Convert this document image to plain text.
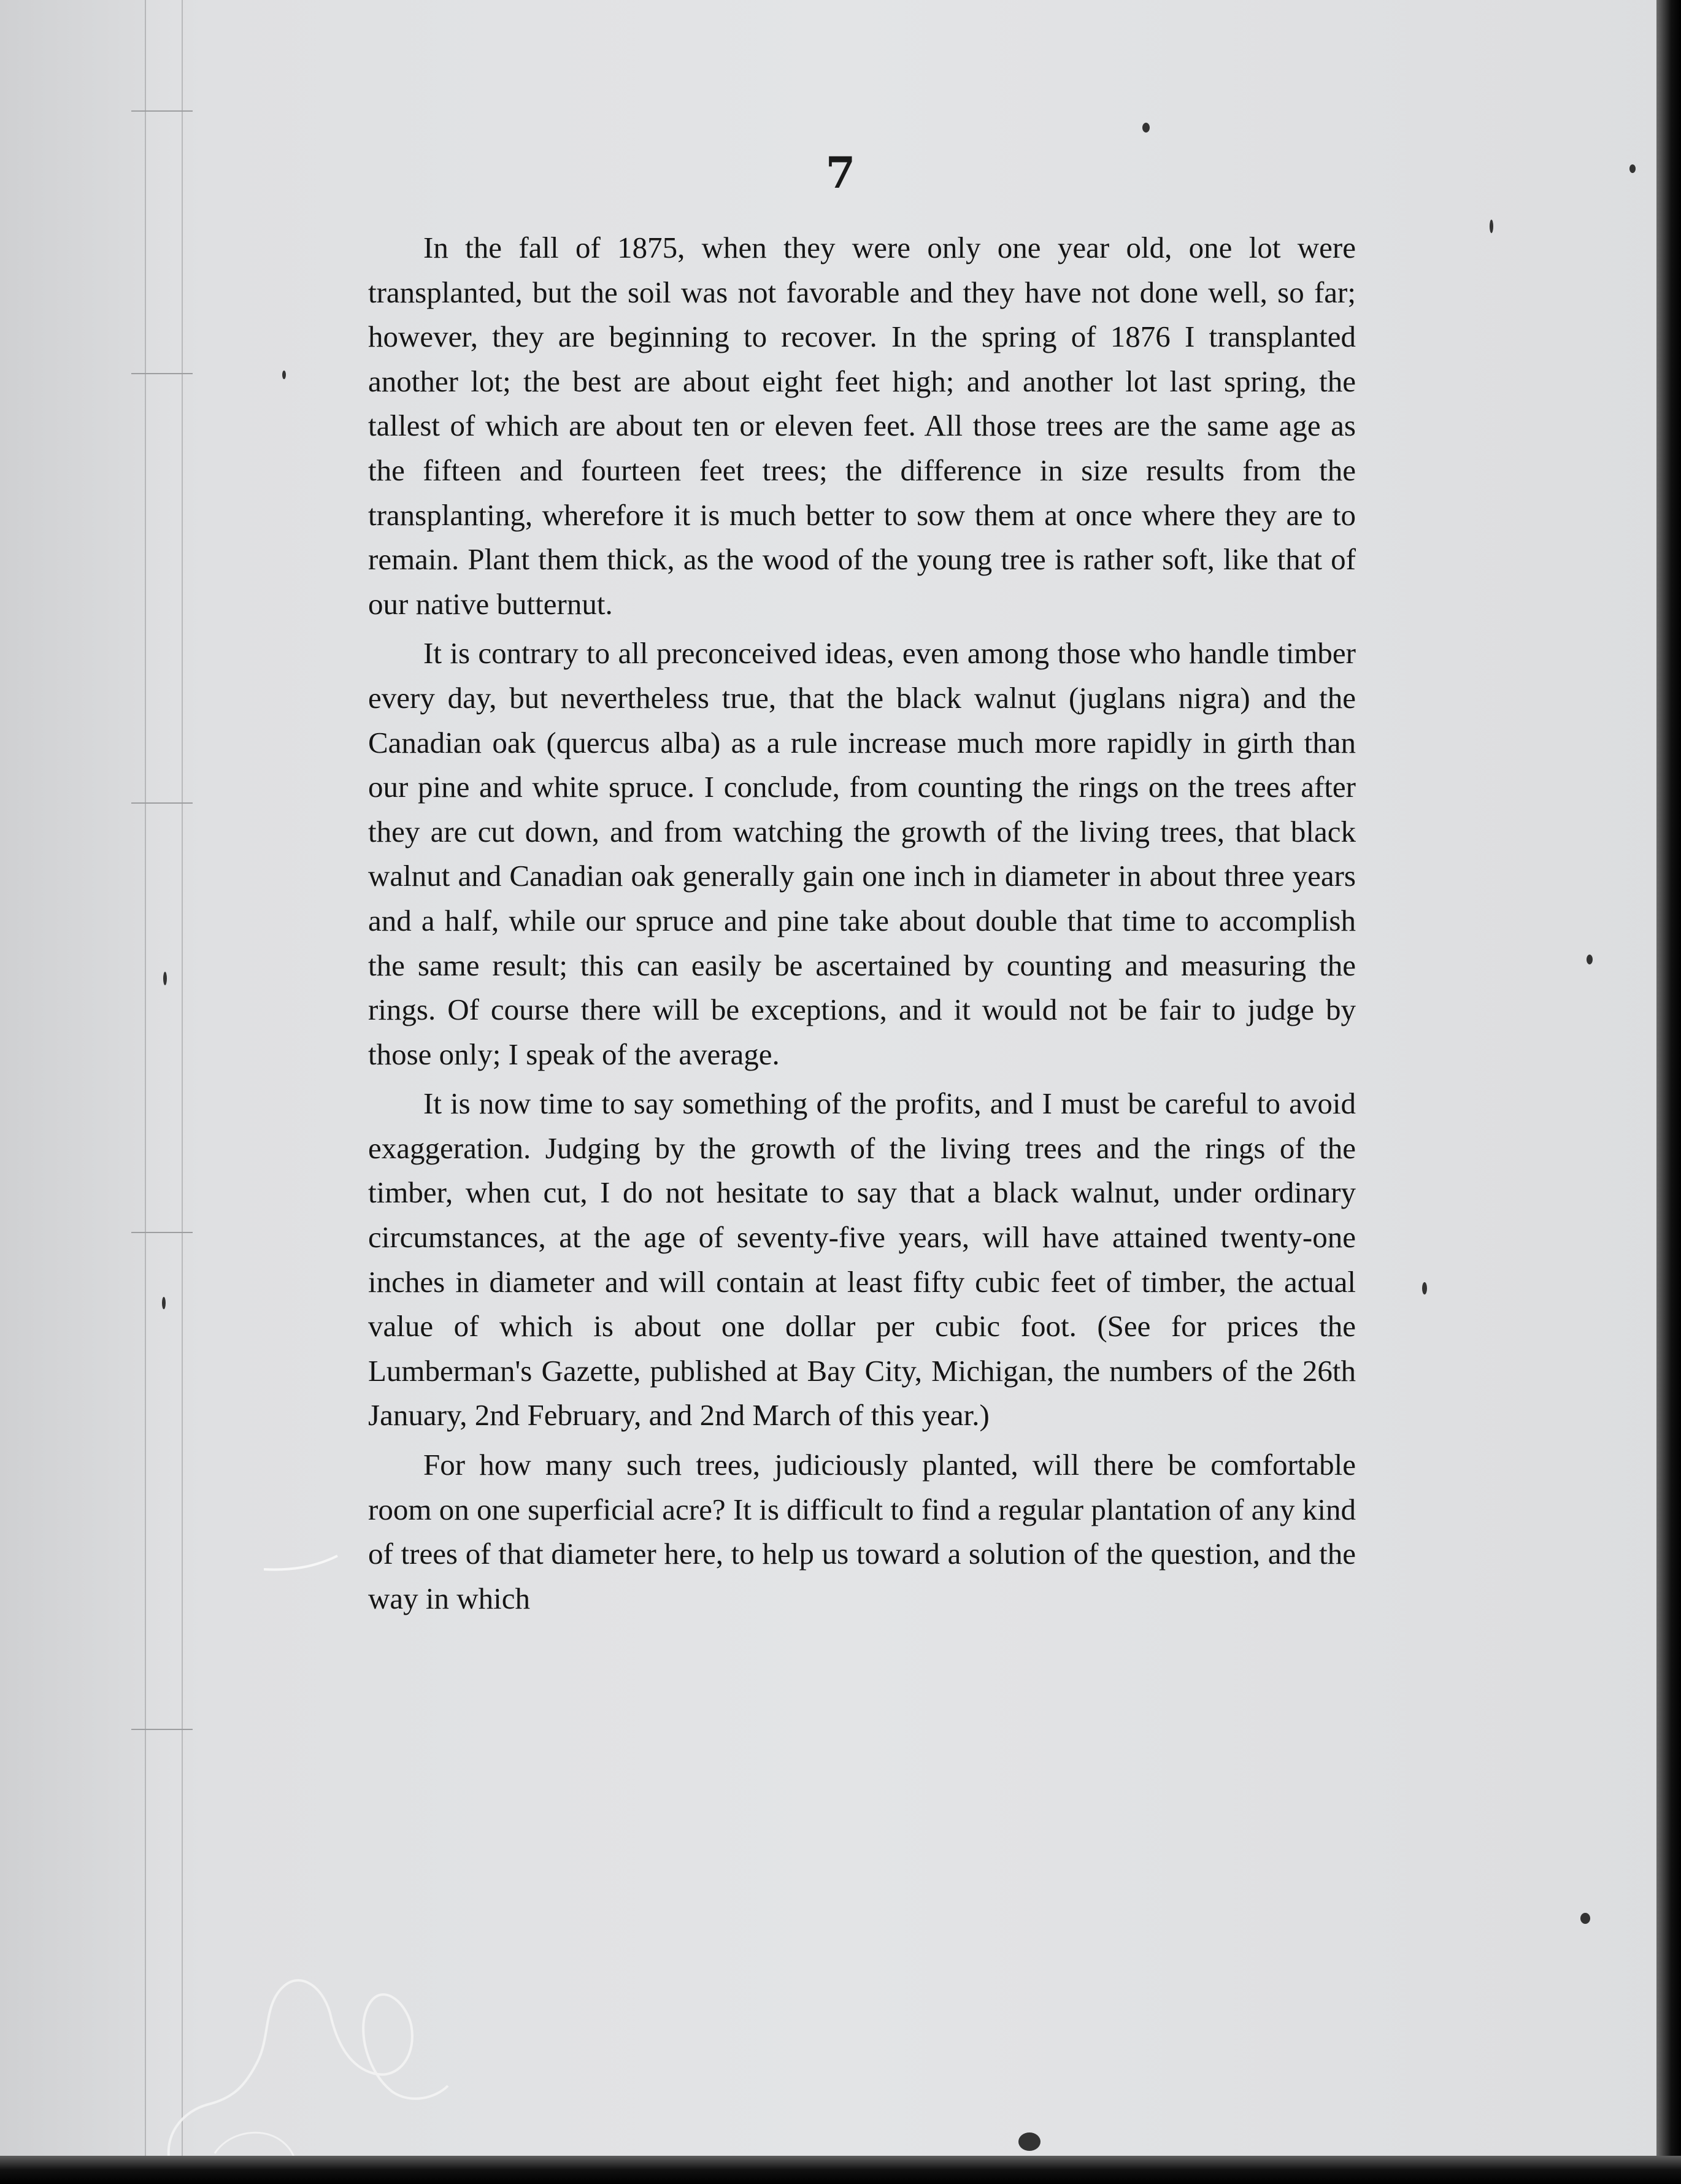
7

In the fall of 1875, when they were only one year old, one lot were transplanted, but the soil was not favorable and they have not done well, so far; however, they are beginning to recover. In the spring of 1876 I transplanted another lot; the best are about eight feet high; and another lot last spring, the tallest of which are about ten or eleven feet. All those trees are the same age as the fifteen and fourteen feet trees; the difference in size results from the transplanting, wherefore it is much better to sow them at once where they are to remain. Plant them thick, as the wood of the young tree is rather soft, like that of our native butternut.

It is contrary to all preconceived ideas, even among those who handle timber every day, but nevertheless true, that the black walnut (juglans nigra) and the Canadian oak (quercus alba) as a rule increase much more rapidly in girth than our pine and white spruce. I conclude, from counting the rings on the trees after they are cut down, and from watching the growth of the living trees, that black walnut and Canadian oak generally gain one inch in diameter in about three years and a half, while our spruce and pine take about double that time to accomplish the same result; this can easily be ascertained by counting and measuring the rings. Of course there will be exceptions, and it would not be fair to judge by those only; I speak of the average.

It is now time to say something of the profits, and I must be careful to avoid exaggeration. Judging by the growth of the living trees and the rings of the timber, when cut, I do not hesitate to say that a black walnut, under ordinary circumstances, at the age of seventy-five years, will have attained twenty-one inches in diameter and will contain at least fifty cubic feet of timber, the actual value of which is about one dollar per cubic foot. (See for prices the Lumberman's Gazette, published at Bay City, Michigan, the numbers of the 26th January, 2nd February, and 2nd March of this year.)

For how many such trees, judiciously planted, will there be comfortable room on one superficial acre? It is difficult to find a regular plantation of any kind of trees of that diameter here, to help us toward a solution of the question, and the way in which
